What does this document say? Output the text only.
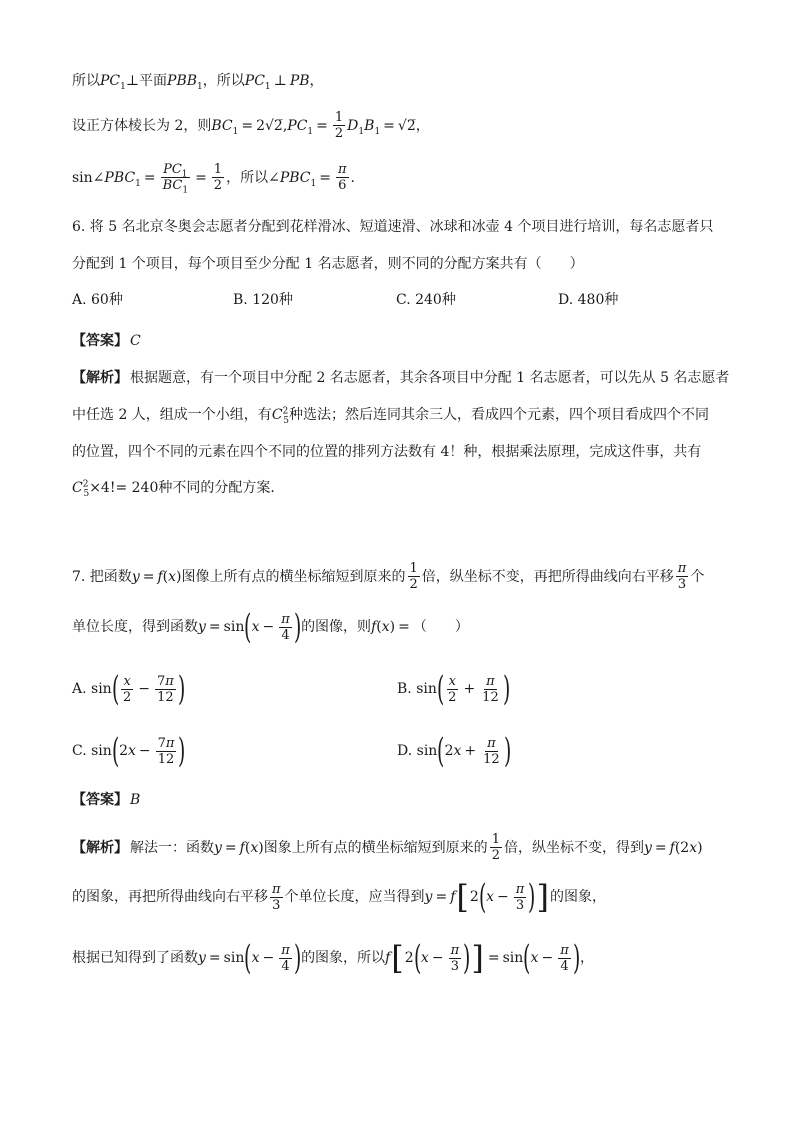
所以 $PC_1$ ⊥平面 $PBB_1$ ，所以 $PC_1$ ⊥ PB ，
设正方体棱长为 2，则 $BC_1$ = 2√2̅, $PC_1 = \frac{1}{2} D_1B_1$ = √2̅ ，
sin∠ $PBC_1 = \frac{PC_1}{BC_1} = \frac{1}{2}$ ，所以 ∠ $PBC_1 = \frac{\pi}{6}$ .
6. 将 5 名北京冬奥会志愿者分配到花样滑冰、短道速滑、冰球和冰壶 4 个项目进行培训，每名志愿者只
分配到 1 个项目，每个项目至少分配 1 名志愿者，则不同的分配方案共有（　　）
A. 60种	B. 120种	C. 240种	D. 480种
【答案】 C
【解析】 根据题意，有一个项目中分配 2 名志愿者，其余各项目中分配 1 名志愿者，可以先从 5 名志愿者
中任选 2 人，组成一个小组，有 $C^2_5$ 种选法；然后连同其余三人，看成四个元素，四个项目看成四个不同
的位置，四个不同的元素在四个不同的位置的排列方法数有 4！种，根据乘法原理，完成这件事，共有
$C^2_5 \times 4!= 240$ 种不同的分配方案.
7. 把函数 y = f (x) 图像上所有点的横坐标缩短到原来的 $\frac{1}{2}$ 倍，纵坐标不变，再把所得曲线向右平移 $\frac{\pi}{3}$ 个
单位长度，得到函数 y = sin ( $x - \frac{\pi}{4}$ ) 的图像，则 f (x) = （　　）
A.
sin ( $\frac{x}{2} - \frac{7\pi}{12}$ )	B.
sin ( $\frac{x}{2} + \frac{\pi}{12}$ )
C.
sin ( $2x - \frac{7\pi}{12}$ )	D.
sin ( $2x + \frac{\pi}{12}$ )
【答案】 B
【解析】 解法一：函数 y = f (x) 图象上所有点的横坐标缩短到原来的 $\frac{1}{2}$ 倍，纵坐标不变，得到 y = f (2x)
的图象，再把所得曲线向右平移 $\frac{\pi}{3}$ 个单位长度，应当得到 y = f [ 2 ( $x - \frac{\pi}{3}$ ) ] 的图象，
根据已知得到了函数 y = sin ( $x - \frac{\pi}{4}$ ) 的图象，所以 f [ 2 ( $x - \frac{\pi}{3}$ ) ] = sin ( $x - \frac{\pi}{4}$ ) ，
